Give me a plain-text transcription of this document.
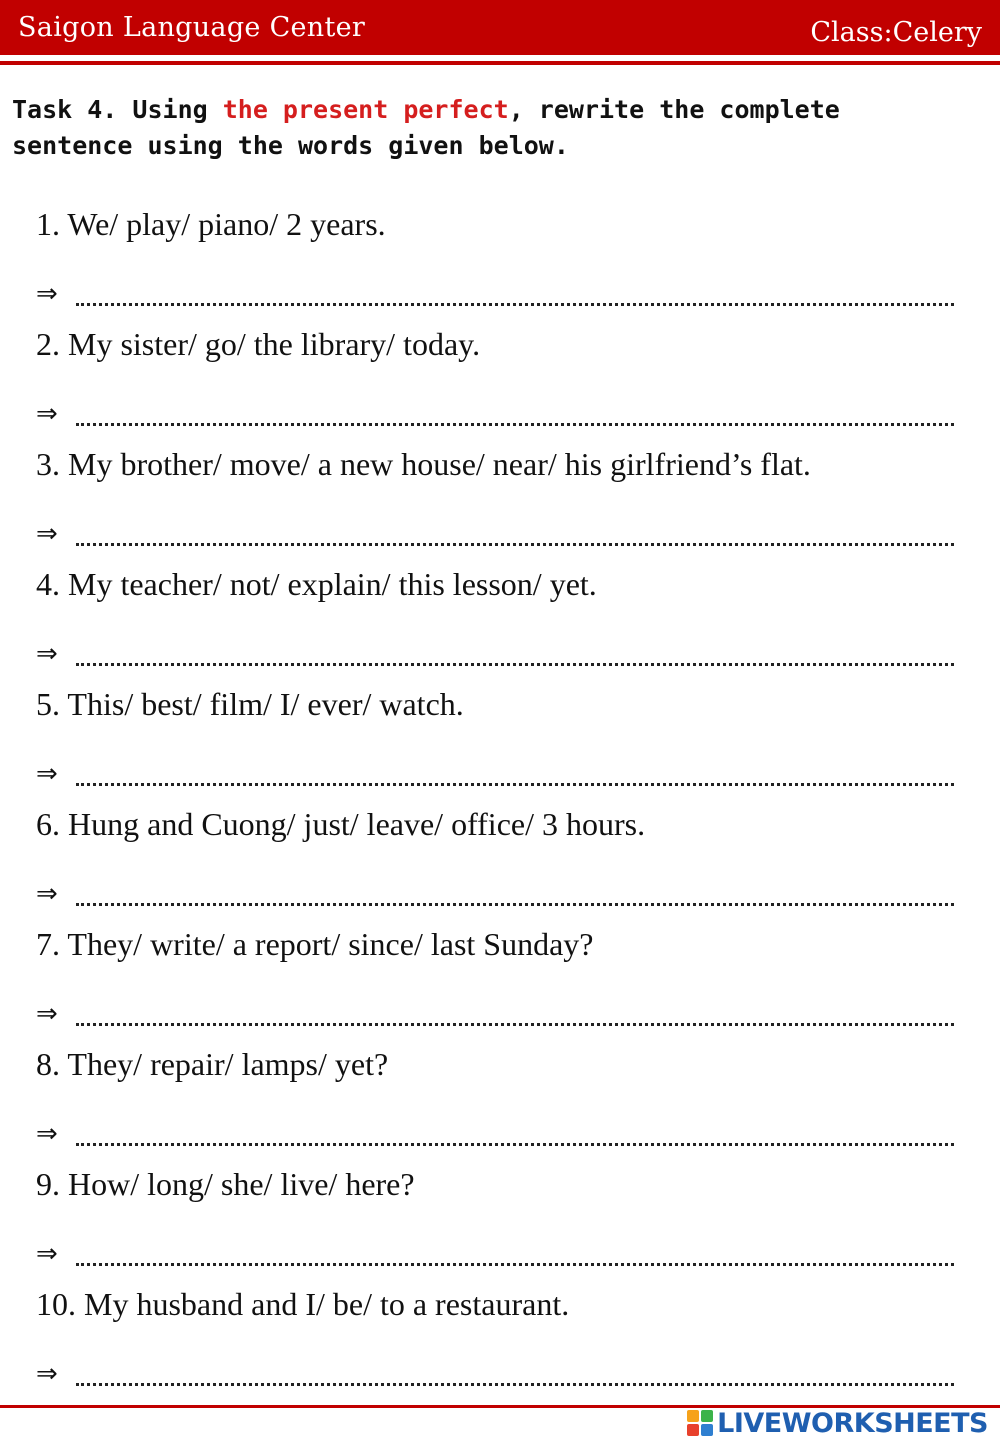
Saigon Language Center	Class:Celery
Task 4. Using the present perfect, rewrite the complete sentence using the words given below.
1. We/ play/ piano/ 2 years.
⇒
2. My sister/ go/ the library/ today.
⇒
3. My brother/ move/ a new house/ near/ his girlfriend’s flat.
⇒
4. My teacher/ not/ explain/ this lesson/ yet.
⇒
5. This/ best/ film/ I/ ever/ watch.
⇒
6. Hung and Cuong/ just/ leave/ office/ 3 hours.
⇒
7. They/ write/ a report/ since/ last Sunday?
⇒
8. They/ repair/ lamps/ yet?
⇒
9. How/ long/ she/ live/ here?
⇒
10. My husband and I/ be/ to a restaurant.
⇒
LIVEWORKSHEETS
